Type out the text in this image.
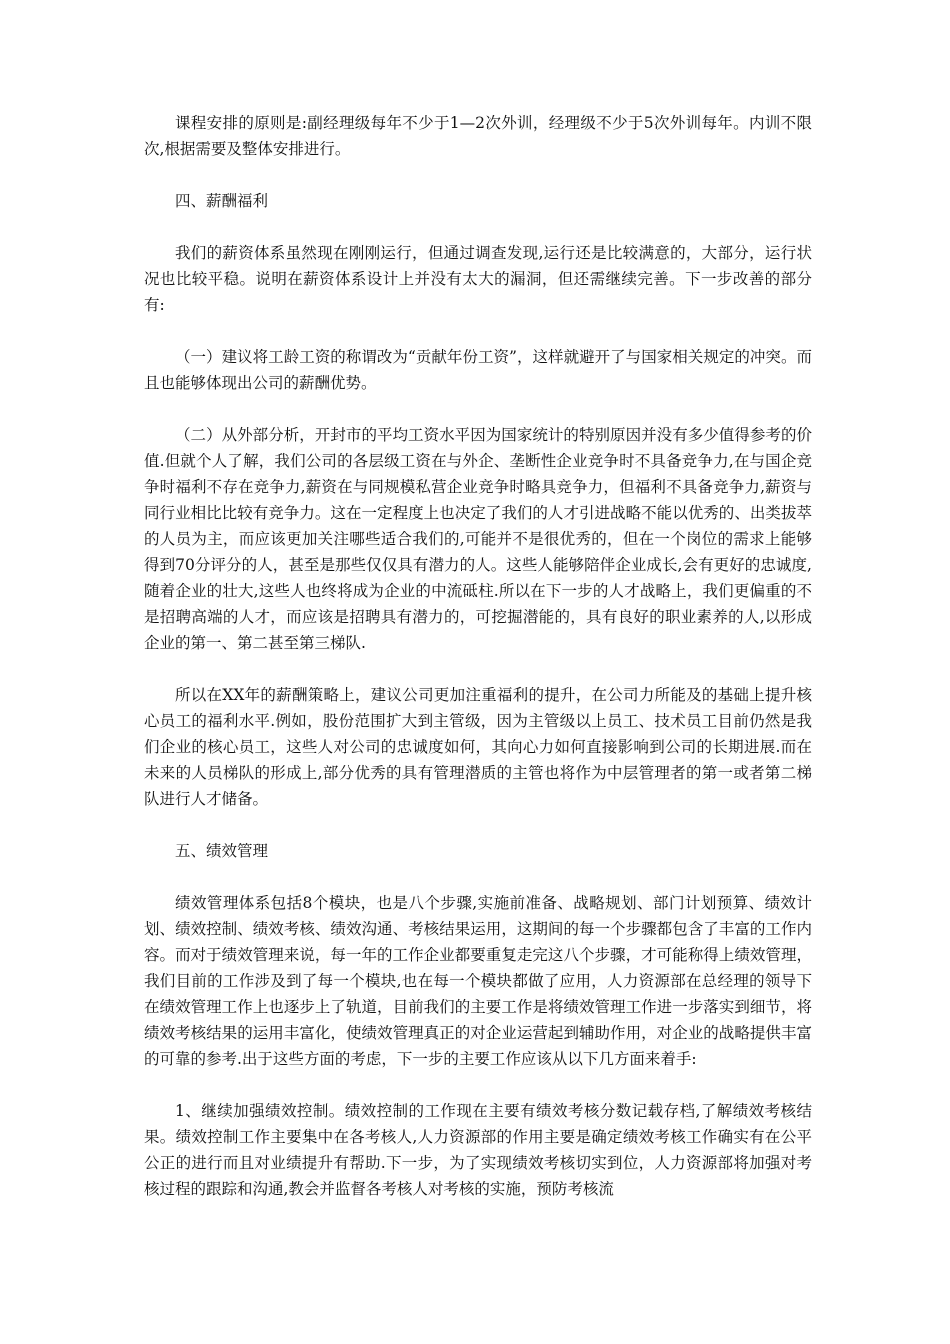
课程安排的原则是:副经理级每年不少于1—2次外训，经理级不少于5次外训每年。内训不限次,根据需要及整体安排进行。

四、薪酬福利

我们的薪资体系虽然现在刚刚运行，但通过调查发现,运行还是比较满意的，大部分，运行状况也比较平稳。说明在薪资体系设计上并没有太大的漏洞，但还需继续完善。下一步改善的部分有:

（一）建议将工龄工资的称谓改为“贡献年份工资”，这样就避开了与国家相关规定的冲突。而且也能够体现出公司的薪酬优势。

（二）从外部分析，开封市的平均工资水平因为国家统计的特别原因并没有多少值得参考的价值.但就个人了解，我们公司的各层级工资在与外企、垄断性企业竞争时不具备竞争力,在与国企竞争时福利不存在竞争力,薪资在与同规模私营企业竞争时略具竞争力，但福利不具备竞争力,薪资与同行业相比比较有竞争力。这在一定程度上也决定了我们的人才引进战略不能以优秀的、出类拔萃的人员为主，而应该更加关注哪些适合我们的,可能并不是很优秀的，但在一个岗位的需求上能够得到70分评分的人，甚至是那些仅仅具有潜力的人。这些人能够陪伴企业成长,会有更好的忠诚度,随着企业的壮大,这些人也终将成为企业的中流砥柱.所以在下一步的人才战略上，我们更偏重的不是招聘高端的人才，而应该是招聘具有潜力的，可挖掘潜能的，具有良好的职业素养的人,以形成企业的第一、第二甚至第三梯队.

所以在XX年的薪酬策略上，建议公司更加注重福利的提升，在公司力所能及的基础上提升核心员工的福利水平.例如，股份范围扩大到主管级，因为主管级以上员工、技术员工目前仍然是我们企业的核心员工，这些人对公司的忠诚度如何，其向心力如何直接影响到公司的长期进展.而在未来的人员梯队的形成上,部分优秀的具有管理潜质的主管也将作为中层管理者的第一或者第二梯队进行人才储备。

五、绩效管理

绩效管理体系包括8个模块，也是八个步骤,实施前准备、战略规划、部门计划预算、绩效计划、绩效控制、绩效考核、绩效沟通、考核结果运用，这期间的每一个步骤都包含了丰富的工作内容。而对于绩效管理来说，每一年的工作企业都要重复走完这八个步骤，才可能称得上绩效管理，我们目前的工作涉及到了每一个模块,也在每一个模块都做了应用，人力资源部在总经理的领导下在绩效管理工作上也逐步上了轨道，目前我们的主要工作是将绩效管理工作进一步落实到细节，将绩效考核结果的运用丰富化，使绩效管理真正的对企业运营起到辅助作用，对企业的战略提供丰富的可靠的参考.出于这些方面的考虑，下一步的主要工作应该从以下几方面来着手:

1、继续加强绩效控制。绩效控制的工作现在主要有绩效考核分数记载存档,了解绩效考核结果。绩效控制工作主要集中在各考核人,人力资源部的作用主要是确定绩效考核工作确实有在公平公正的进行而且对业绩提升有帮助.下一步，为了实现绩效考核切实到位，人力资源部将加强对考核过程的跟踪和沟通,教会并监督各考核人对考核的实施，预防考核流
